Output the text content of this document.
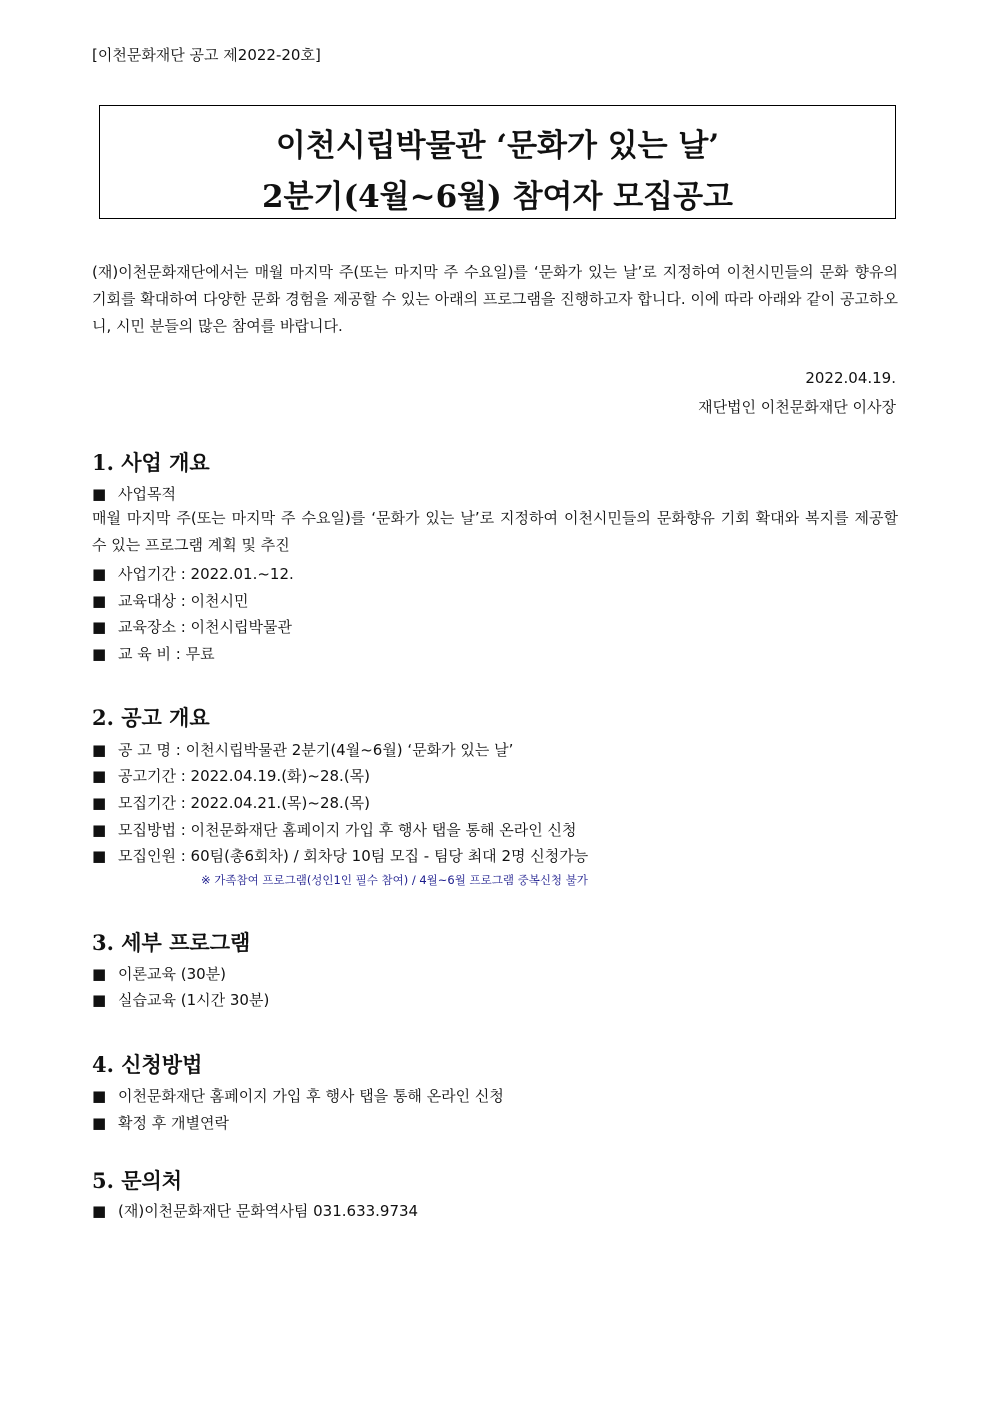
[이천문화재단 공고 제2022-20호]
이천시립박물관 ‘문화가 있는 날’
2분기(4월~6월) 참여자 모집공고

(재)이천문화재단에서는 매월 마지막 주(또는 마지막 주 수요일)를 ‘문화가 있는 날’로 지정하여 이천시민들의 문화 향유의 기회를 확대하여 다양한 문화 경험을 제공할 수 있는 아래의 프로그램을 진행하고자 합니다. 이에 따라 아래와 같이 공고하오니, 시민 분들의 많은 참여를 바랍니다.

2022.04.19.
재단법인 이천문화재단 이사장
1. 사업 개요
■ 사업목적

매월 마지막 주(또는 마지막 주 수요일)를 ‘문화가 있는 날’로 지정하여 이천시민들의 문화향유 기회 확대와 복지를 제공할 수 있는 프로그램 계획 및 추진

■ 사업기간 : 2022.01.~12.
■ 교육대상 : 이천시민
■ 교육장소 : 이천시립박물관
■ 교 육 비 : 무료
2. 공고 개요
■ 공 고 명 : 이천시립박물관 2분기(4월~6월) ‘문화가 있는 날’
■ 공고기간 : 2022.04.19.(화)~28.(목)
■ 모집기간 : 2022.04.21.(목)~28.(목)
■ 모집방법 : 이천문화재단 홈페이지 가입 후 행사 탭을 통해 온라인 신청
■ 모집인원 : 60팀(총6회차) / 회차당 10팀 모집 - 팀당 최대 2명 신청가능
※ 가족참여 프로그램(성인1인 필수 참여) / 4월~6월 프로그램 중복신청 불가
3. 세부 프로그램
■ 이론교육 (30분)
■ 실습교육 (1시간 30분)
4. 신청방법
■ 이천문화재단 홈페이지 가입 후 행사 탭을 통해 온라인 신청
■ 확정 후 개별연락
5. 문의처
■ (재)이천문화재단 문화역사팀 031.633.9734
